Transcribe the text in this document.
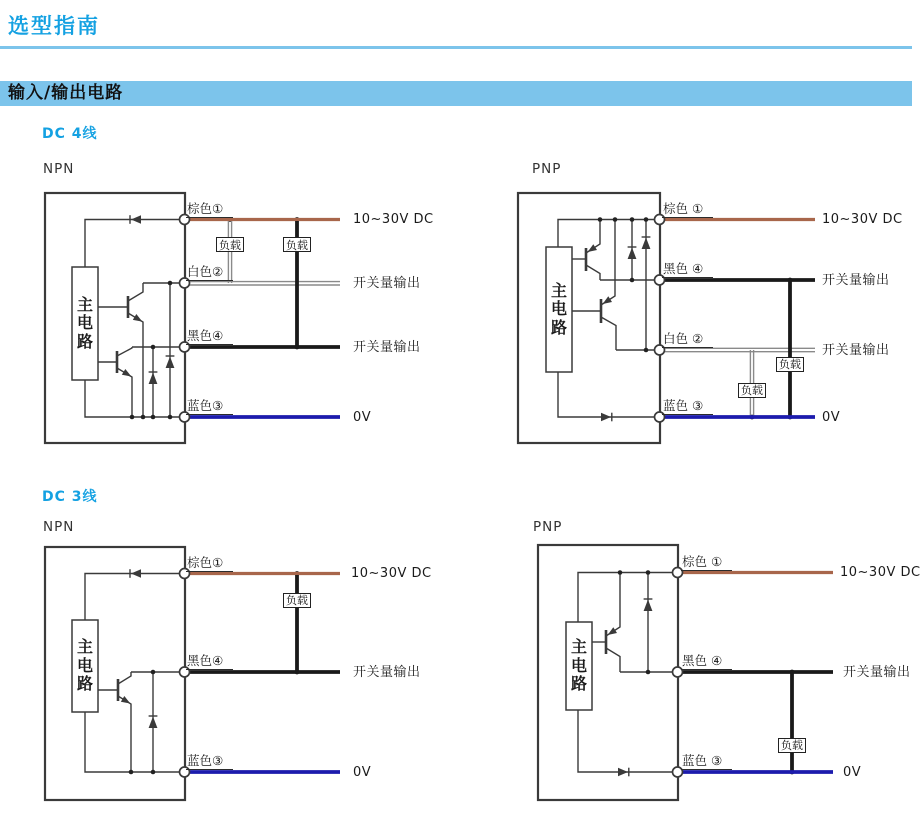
选型指南
输入/输出电路
DC 4线
DC 3线
NPN
主电路
棕色①
白色②
黑色④
蓝色③
负载	负载
10~30V DC
开关量输出
开关量输出
0V
PNP
主电路
棕色 ①
黑色 ④
白色 ②
蓝色 ③
负载
负载
10~30V DC
开关量输出
开关量输出
0V
NPN
主电路
棕色①
黑色④
蓝色③
负载
10~30V DC
开关量输出
0V
PNP
主电路
棕色 ①
黑色 ④
蓝色 ③
负载
10~30V DC
开关量输出
0V
